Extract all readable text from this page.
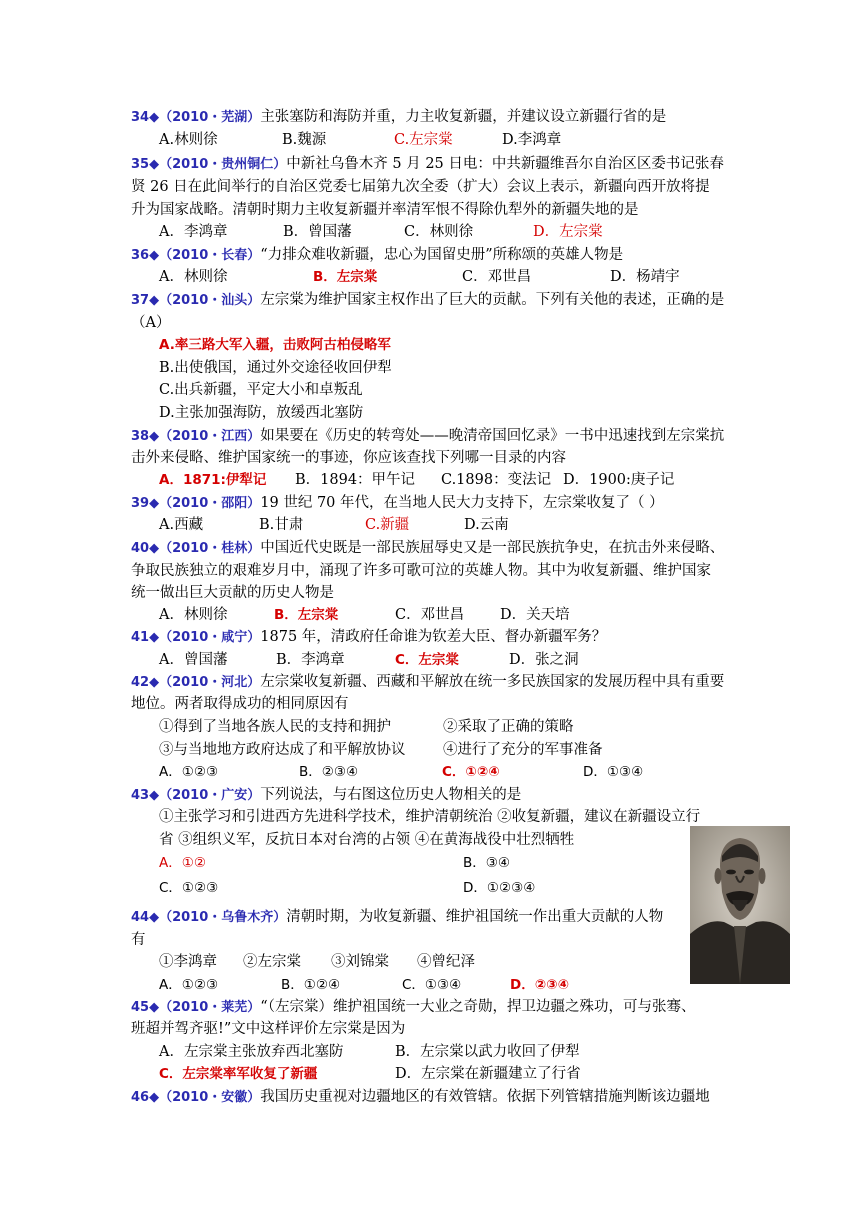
34◆（2010・芜湖）主张塞防和海防并重，力主收复新疆，并建议设立新疆行省的是
A.林则徐	B.魏源	C.左宗棠	D.李鸿章
35◆（2010・贵州铜仁）中新社乌鲁木齐 5 月 25 日电：中共新疆维吾尔自治区区委书记张春
贤 26 日在此间举行的自治区党委七届第九次全委（扩大）会议上表示，新疆向西开放将提
升为国家战略。清朝时期力主收复新疆并率清军恨不得除仇犁外的新疆失地的是
A．李鸿章	B．曾国藩	C．林则徐	D．左宗棠
36◆（2010・长春）“力排众难收新疆，忠心为国留史册”所称颂的英雄人物是
A．林则徐	B．左宗棠	C．邓世昌	D．杨靖宇
37◆（2010・汕头）左宗棠为维护国家主权作出了巨大的贡献。下列有关他的表述，正确的是
（A）
A.率三路大军入疆，击败阿古柏侵略军
B.出使俄国，通过外交途径收回伊犁
C.出兵新疆，平定大小和卓叛乱
D.主张加强海防，放缓西北塞防
38◆（2010・江西）如果要在《历史的转弯处——晚清帝国回忆录》一书中迅速找到左宗棠抗
击外来侵略、维护国家统一的事迹，你应该查找下列哪一目录的内容
A．1871:伊犁记 B．1894：甲午记 C.1898：变法记 D．1900:庚子记
39◆（2010・邵阳）19 世纪 70 年代，在当地人民大力支持下，左宗棠收复了（ ）
A.西藏	B.甘肃	C.新疆	D.云南
40◆（2010・桂林）中国近代史既是一部民族屈辱史又是一部民族抗争史，在抗击外来侵略、
争取民族独立的艰难岁月中，涌现了许多可歌可泣的英雄人物。其中为收复新疆、维护国家
统一做出巨大贡献的历史人物是
A．林则徐	B．左宗棠	C．邓世昌 D．关天培
41◆（2010・咸宁）1875 年，清政府任命谁为钦差大臣、督办新疆军务？
A．曾国藩	B．李鸿章	C．左宗棠	D．张之洞
42◆（2010・河北）左宗棠收复新疆、西藏和平解放在统一多民族国家的发展历程中具有重要
地位。两者取得成功的相同原因有
①得到了当地各族人民的支持和拥护	②采取了正确的策略
③与当地地方政府达成了和平解放协议	④进行了充分的军事准备
A．①②③	B．②③④	C．①②④	D．①③④
43◆（2010・广安）下列说法，与右图这位历史人物相关的是
①主张学习和引进西方先进科学技术，维护清朝统治 ②收复新疆，建议在新疆设立行
省 ③组织义军，反抗日本对台湾的占领 ④在黄海战役中壮烈牺牲
A．①②	B．③④
C．①②③	D．①②③④
44◆（2010・乌鲁木齐）清朝时期，为收复新疆、维护祖国统一作出重大贡献的人物
有
①李鸿章 ②左宗棠 ③刘锦棠 ④曾纪泽
A．①②③	B．①②④	C．①③④	D．②③④
45◆（2010・莱芜）“（左宗棠）维护祖国统一大业之奇勋，捍卫边疆之殊功，可与张骞、
班超并驾齐驱!”文中这样评价左宗棠是因为
A．左宗棠主张放弃西北塞防	B．左宗棠以武力收回了伊犁
C．左宗棠率军收复了新疆	D．左宗棠在新疆建立了行省
46◆（2010・安徽）我国历史重视对边疆地区的有效管辖。依据下列管辖措施判断该边疆地
